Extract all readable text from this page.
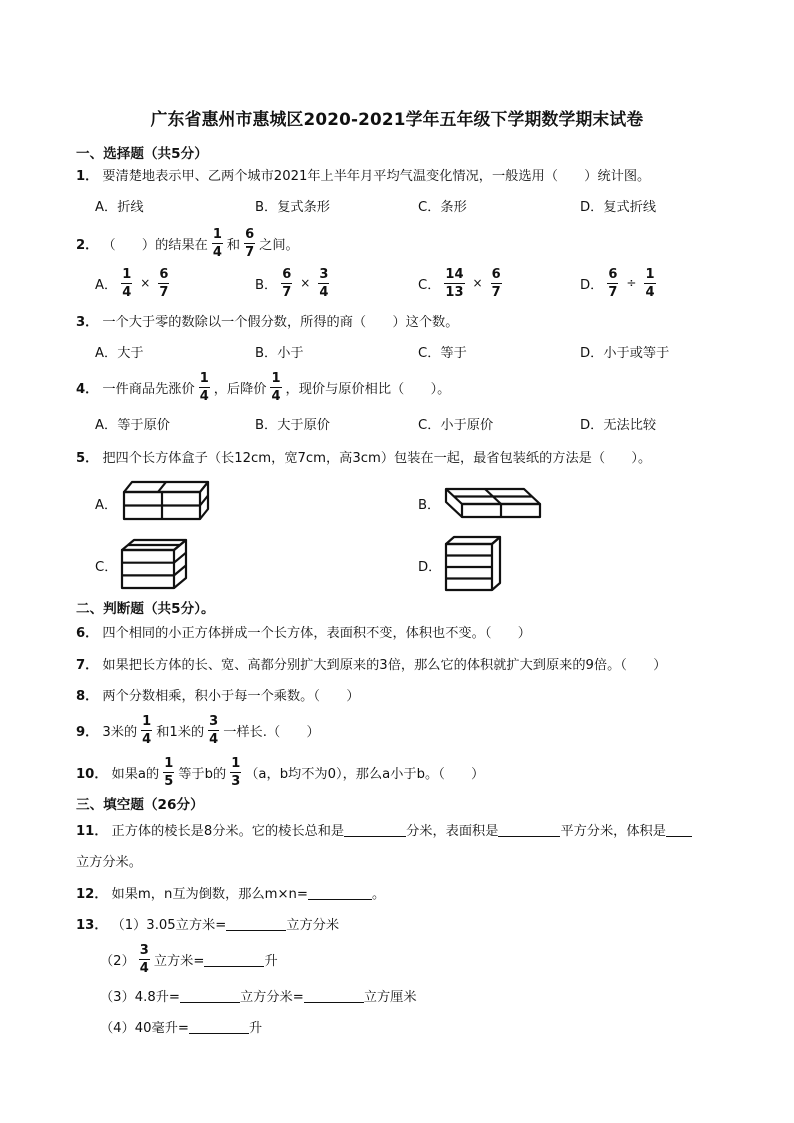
广东省惠州市惠城区2020-2021学年五年级下学期数学期末试卷
一、选择题（共5分）
1． 要清楚地表示甲、乙两个城市2021年上半年月平均气温变化情况，一般选用（　　）统计图。
A．折线	B．复式条形	C．条形	D．复式折线
2． （　　）的结果在 $\frac{1}{4}$ 和 $\frac{6}{7}$ 之间。
A． $\frac{1}{4} \times \frac{6}{7}$	B． $\frac{6}{7} \times \frac{3}{4}$	C． $\frac{14}{13} \times \frac{6}{7}$	D． $\frac{6}{7} \div \frac{1}{4}$
3． 一个大于零的数除以一个假分数，所得的商（　　）这个数。
A．大于	B．小于	C．等于	D．小于或等于
4． 一件商品先涨价 $\frac{1}{4}$ ，后降价 $\frac{1}{4}$ ，现价与原价相比（　　）。
A．等于原价	B．大于原价	C．小于原价	D．无法比较
5． 把四个长方体盒子（长12cm，宽7cm，高3cm）包装在一起，最省包装纸的方法是（　　）。
A．	B．
C．	D．
二、判断题（共5分）。
6． 四个相同的小正方体拼成一个长方体，表面积不变，体积也不变。（　　）
7． 如果把长方体的长、宽、高都分别扩大到原来的3倍，那么它的体积就扩大到原来的9倍。（　　）
8． 两个分数相乘，积小于每一个乘数。（　　）
9． 3米的 $\frac{1}{4}$ 和1米的 $\frac{3}{4}$ 一样长.（　　）
10． 如果a的 $\frac{1}{5}$ 等于b的 $\frac{1}{3} (a$，b均不为0），那么a小于b。（　　）
三、填空题（26分）
11． 正方体的棱长是8分米。它的棱长总和是	分米，表面积是	平方分米，体积是
立方分米。
12． 如果m，n互为倒数，那么m×n=	。
13． （1）3.05立方米=	立方分米
$(2) \frac{3}{4}$ 立方米=	升
（3）4.8升=	立方分米=	立方厘米
（4）40毫升=	升
